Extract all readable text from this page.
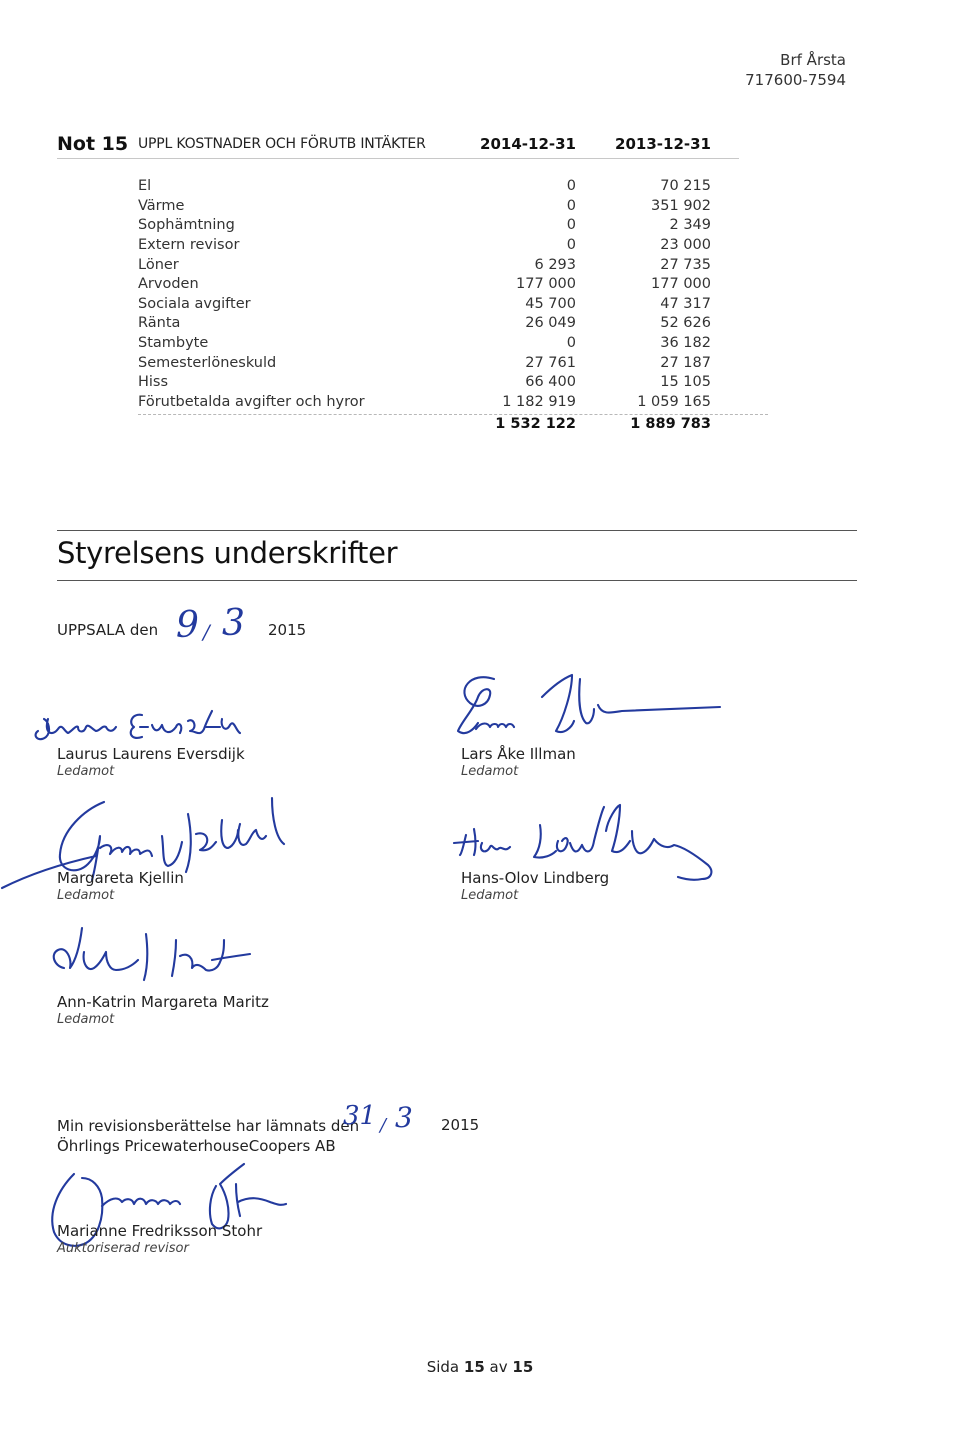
Brf Årsta
717600-7594
Not 15 UPPL KOSTNADER OCH FÖRUTB INTÄKTER	2014-12-31	2013-12-31
El	0	70 215
Värme	0	351 902
Sophämtning	0	2 349
Extern revisor	0	23 000
Löner	6 293	27 735
Arvoden	177 000	177 000
Sociala avgifter	45 700	47 317
Ränta	26 049	52 626
Stambyte	0	36 182
Semesterlöneskuld	27 761	27 187
Hiss	66 400	15 105
Förutbetalda avgifter och hyror	1 182 919	1 059 165
1 532 122	1 889 783
Styrelsens underskrifter
UPPSALA den 9 / 3 2015
Laurus Laurens Eversdijk
Ledamot
Lars Åke Illman
Ledamot
Margareta Kjellin
Ledamot
Hans-Olov Lindberg
Ledamot
Ann-Katrin Margareta Maritz
Ledamot
Min revisionsberättelse har lämnats den
Öhrlings PricewaterhouseCoopers AB
31 / 3 2015
Marianne Fredriksson Stohr
Auktoriserad revisor
Sida 15 av 15
